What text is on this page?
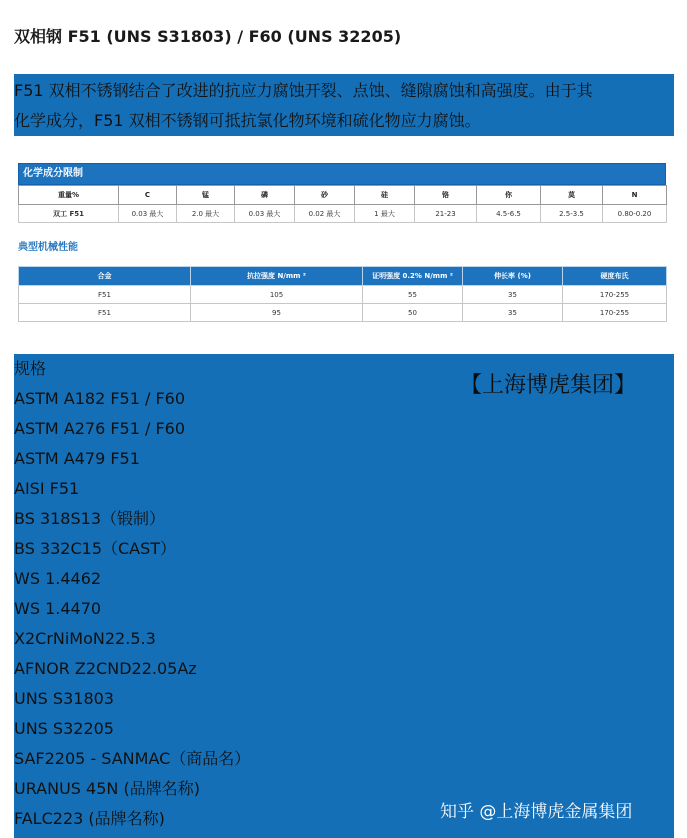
双相钢 F51 (UNS S31803) / F60 (UNS 32205)
F51 双相不锈钢结合了改进的抗应力腐蚀开裂、点蚀、缝隙腐蚀和高强度。由于其
化学成分，F51 双相不锈钢可抵抗氯化物环境和硫化物应力腐蚀。
化学成分限制
重量%	C	锰	磷	砂	硅	铬	你	莫	N
双工 F51	0.03 最大	2.0 最大	0.03 最大	0.02 最大	1 最大	21-23	4.5-6.5	2.5-3.5	0.80-0.20
典型机械性能
合金	抗拉强度 N/mm ²	证明强度 0.2% N/mm ²	伸长率 (%)	硬度布氏
F51	105	55	35	170-255
F51	95	50	35	170-255
规格
【上海博虎集团】
ASTM A182 F51 / F60
ASTM A276 F51 / F60
ASTM A479 F51
AISI F51
BS 318S13（锻制）
BS 332C15（CAST）
WS 1.4462
WS 1.4470
X2CrNiMoN22.5.3
AFNOR Z2CND22.05Az
UNS S31803
UNS S32205
SAF2205 - SANMAC（商品名）
URANUS 45N (品牌名称)
FALC223 (品牌名称)	知乎 @上海博虎金属集团
